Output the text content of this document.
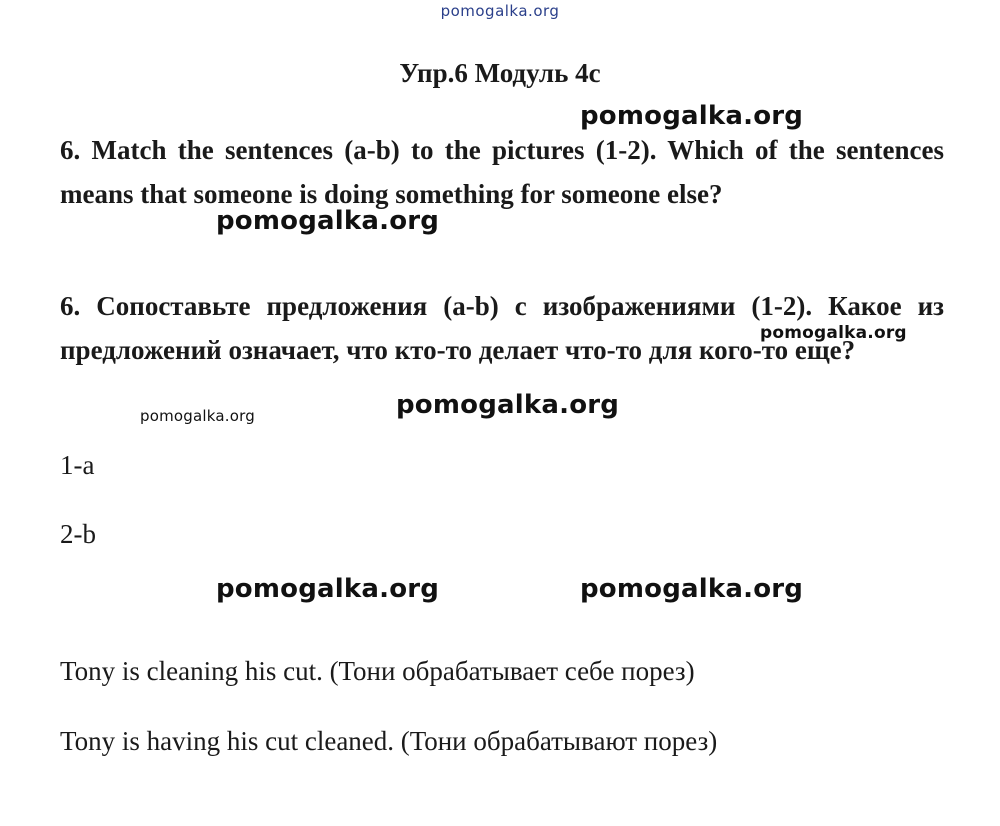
pomogalka.org
Упр.6 Модуль 4с
6. Match the sentences (a-b) to the pictures (1-2). Which of the sentences means that someone is doing something for someone else?
6. Сопоставьте предложения (a-b) с изображениями (1-2). Какое из предложений означает, что кто-то делает что-то для кого-то еще?
1-a
2-b
Tony is cleaning his cut. (Тони обрабатывает себе порез)
Tony is having his cut cleaned. (Тони обрабатывают порез)
pomogalka.org
pomogalka.org
pomogalka.org
pomogalka.org
pomogalka.org
pomogalka.org	pomogalka.org
